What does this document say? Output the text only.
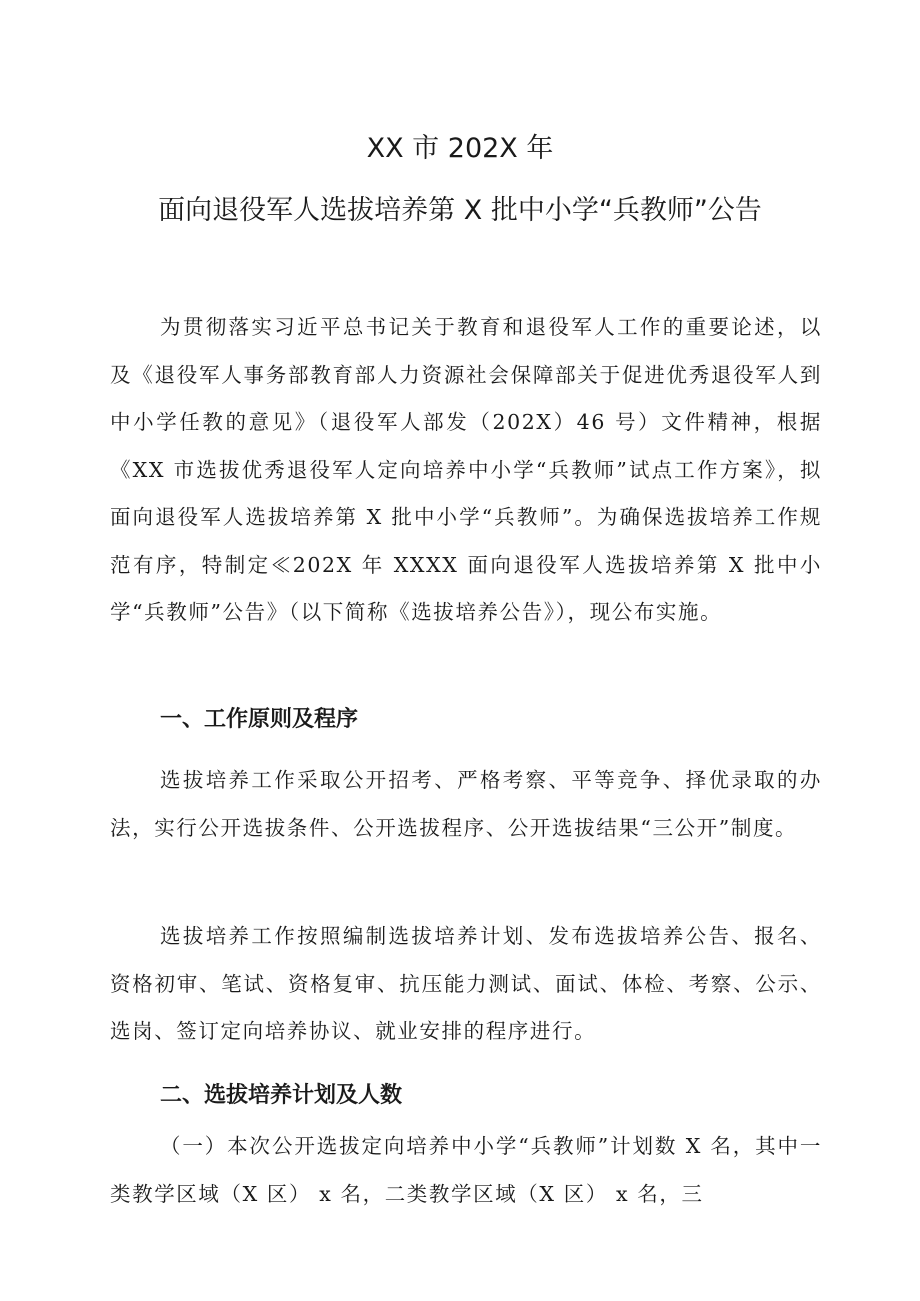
XX 市 202X 年
面向退役军人选拔培养第 X 批中小学“兵教师”公告
为贯彻落实习近平总书记关于教育和退役军人工作的重要论述，以及《退役军人事务部教育部人力资源社会保障部关于促进优秀退役军人到中小学任教的意见》（退役军人部发（202X）46 号）文件精神，根据《XX 市选拔优秀退役军人定向培养中小学“兵教师”试点工作方案》，拟面向退役军人选拔培养第 X 批中小学“兵教师”。为确保选拔培养工作规范有序，特制定≪202X 年 XXXX 面向退役军人选拔培养第 X 批中小学“兵教师”公告》（以下简称《选拔培养公告》），现公布实施。
一、工作原则及程序
选拔培养工作采取公开招考、严格考察、平等竞争、择优录取的办法，实行公开选拔条件、公开选拔程序、公开选拔结果“三公开”制度。
选拔培养工作按照编制选拔培养计划、发布选拔培养公告、报名、资格初审、笔试、资格复审、抗压能力测试、面试、体检、考察、公示、选岗、签订定向培养协议、就业安排的程序进行。
二、选拔培养计划及人数
（一）本次公开选拔定向培养中小学“兵教师”计划数 X 名，其中一类教学区域（X 区） x 名，二类教学区域（X 区） x 名，三
